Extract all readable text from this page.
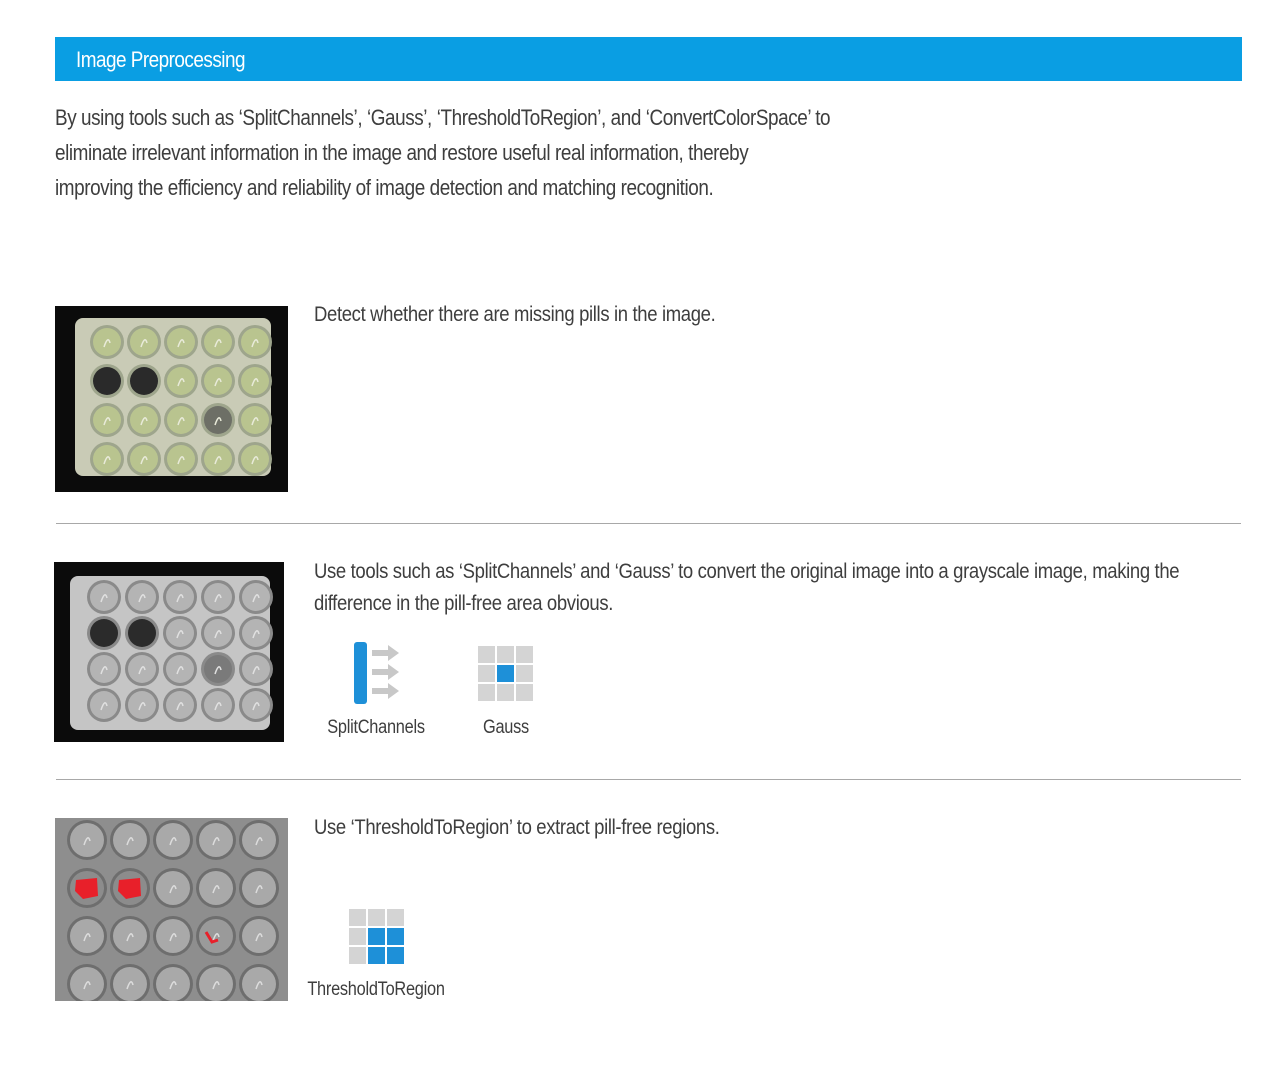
Image Preprocessing

By using tools such as ‘SplitChannels’, ‘Gauss’, ‘ThresholdToRegion’, and ‘ConvertColorSpace’ to

eliminate irrelevant information in the image and restore useful real information, thereby

improving the efficiency and reliability of image detection and matching recognition.

Detect whether there are missing pills in the image.
Use tools such as ‘SplitChannels’ and ‘Gauss’ to convert the original image into a grayscale image, making the
difference in the pill-free area obvious.
SplitChannels	Gauss
Use ‘ThresholdToRegion’ to extract pill-free regions.
ThresholdToRegion
